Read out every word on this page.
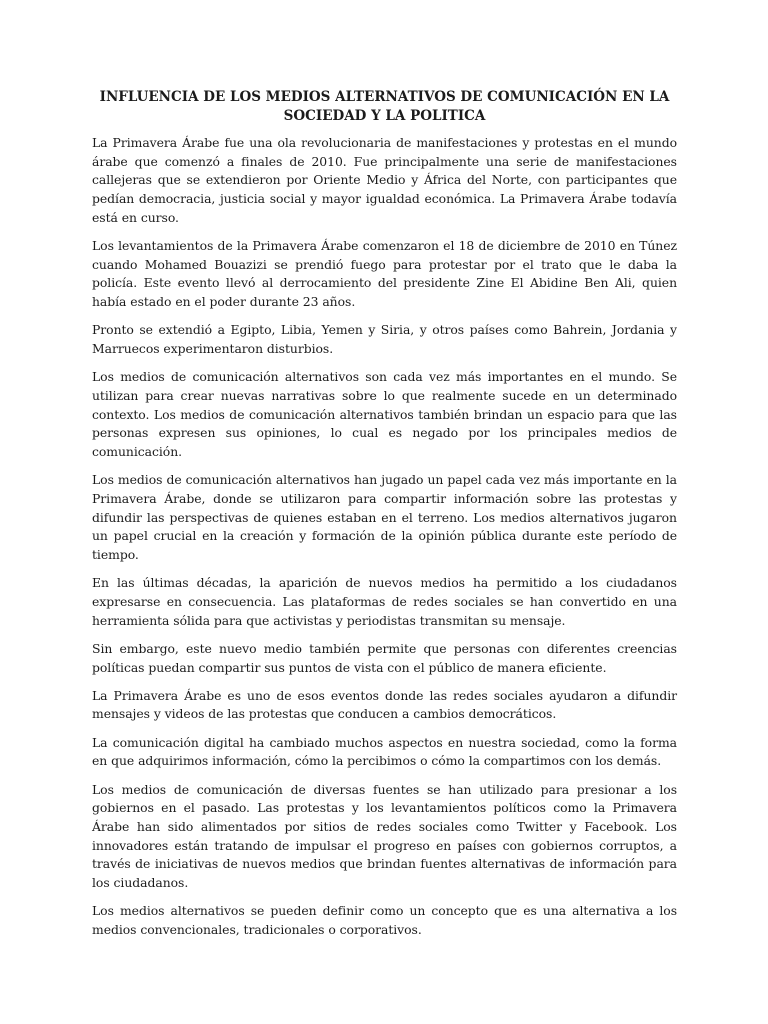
INFLUENCIA DE LOS MEDIOS ALTERNATIVOS DE COMUNICACIÓN EN LA SOCIEDAD Y LA POLITICA

La Primavera Árabe fue una ola revolucionaria de manifestaciones y protestas en el mundo árabe que comenzó a finales de 2010. Fue principalmente una serie de manifestaciones callejeras que se extendieron por Oriente Medio y África del Norte, con participantes que pedían democracia, justicia social y mayor igualdad económica. La Primavera Árabe todavía está en curso.

Los levantamientos de la Primavera Árabe comenzaron el 18 de diciembre de 2010 en Túnez cuando Mohamed Bouazizi se prendió fuego para protestar por el trato que le daba la policía. Este evento llevó al derrocamiento del presidente Zine El Abidine Ben Ali, quien había estado en el poder durante 23 años.

Pronto se extendió a Egipto, Libia, Yemen y Siria, y otros países como Bahrein, Jordania y Marruecos experimentaron disturbios.

Los medios de comunicación alternativos son cada vez más importantes en el mundo. Se utilizan para crear nuevas narrativas sobre lo que realmente sucede en un determinado contexto. Los medios de comunicación alternativos también brindan un espacio para que las personas expresen sus opiniones, lo cual es negado por los principales medios de comunicación.

Los medios de comunicación alternativos han jugado un papel cada vez más importante en la Primavera Árabe, donde se utilizaron para compartir información sobre las protestas y difundir las perspectivas de quienes estaban en el terreno. Los medios alternativos jugaron un papel crucial en la creación y formación de la opinión pública durante este período de tiempo.

En las últimas décadas, la aparición de nuevos medios ha permitido a los ciudadanos expresarse en consecuencia. Las plataformas de redes sociales se han convertido en una herramienta sólida para que activistas y periodistas transmitan su mensaje.

Sin embargo, este nuevo medio también permite que personas con diferentes creencias políticas puedan compartir sus puntos de vista con el público de manera eficiente.

La Primavera Árabe es uno de esos eventos donde las redes sociales ayudaron a difundir mensajes y videos de las protestas que conducen a cambios democráticos.

La comunicación digital ha cambiado muchos aspectos en nuestra sociedad, como la forma en que adquirimos información, cómo la percibimos o cómo la compartimos con los demás.

Los medios de comunicación de diversas fuentes se han utilizado para presionar a los gobiernos en el pasado. Las protestas y los levantamientos políticos como la Primavera Árabe han sido alimentados por sitios de redes sociales como Twitter y Facebook. Los innovadores están tratando de impulsar el progreso en países con gobiernos corruptos, a través de iniciativas de nuevos medios que brindan fuentes alternativas de información para los ciudadanos.

Los medios alternativos se pueden definir como un concepto que es una alternativa a los medios convencionales, tradicionales o corporativos.
